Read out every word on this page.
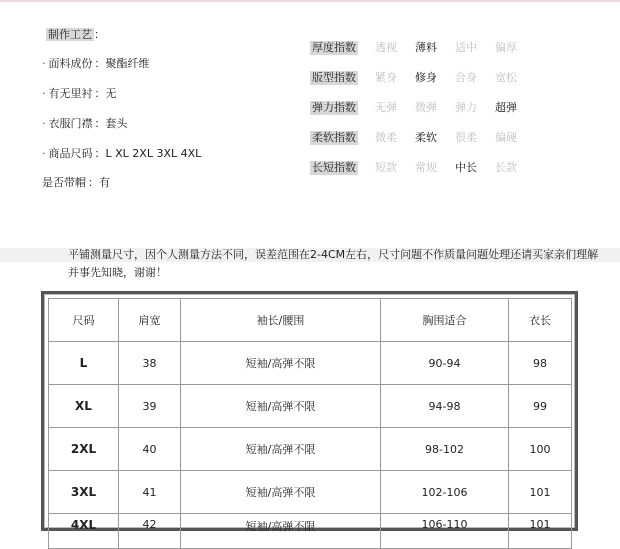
制作工艺 ：
· 面料成份 ：聚酯纤维
· 有无里衬 ：无
· 衣服门襟 ：套头
· 商品尺码 ：L XL 2XL 3XL 4XL
是否带帽 ：有
厚度指数 透视	薄料	适中	偏厚
版型指数 紧身	修身	合身	宽松
弹力指数 无弹	微弹	弹力	超弹
柔软指数 微柔	柔软	很柔	偏硬
长短指数 短款	常规	中长	长款
平铺测量尺寸，因个人测量方法不同，误差范围在2-4CM左右，尺寸问题不作质量问题处理还请买家亲们理解
并事先知晓，谢谢！
尺码	肩宽	袖长/腰围	胸围适合	衣长
L	38	短袖/高弹不限	90-94	98
XL	39	短袖/高弹不限	94-98	99
2XL	40	短袖/高弹不限	98-102	100
3XL	41	短袖/高弹不限	102-106	101
4XL	42	短袖/高弹不限	106-110	101
